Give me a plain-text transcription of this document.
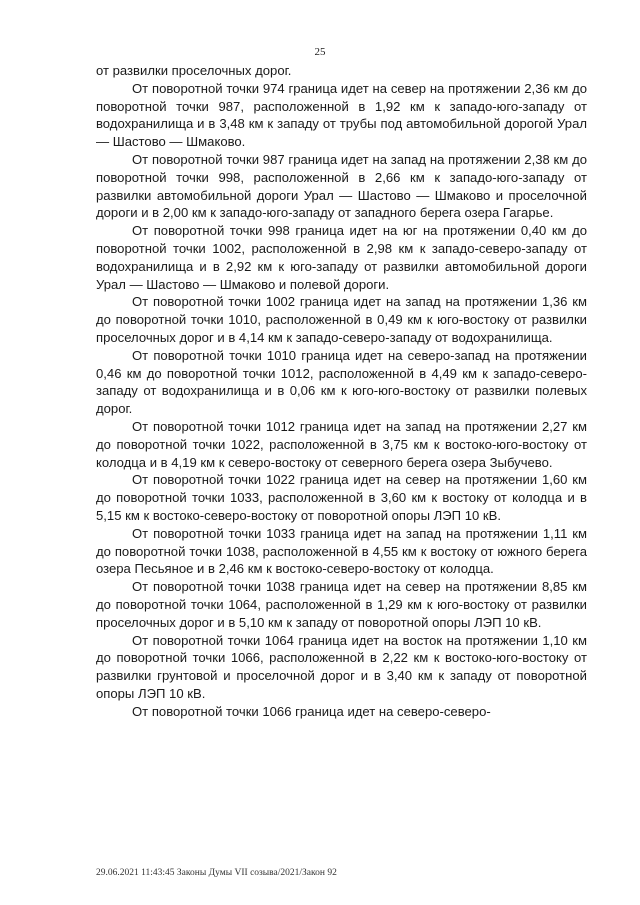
25

от развилки проселочных дорог.

От поворотной точки 974 граница идет на север на протяжении 2,36 км до поворотной точки 987, расположенной в 1,92 км к западо-юго-западу от водохранилища и в 3,48 км к западу от трубы под автомобильной дорогой Урал — Шастово — Шмаково.

От поворотной точки 987 граница идет на запад на протяжении 2,38 км до поворотной точки 998, расположенной в 2,66 км к западо-юго-западу от развилки автомобильной дороги Урал — Шастово — Шмаково и проселочной дороги и в 2,00 км к западо-юго-западу от западного берега озера Гагарье.

От поворотной точки 998 граница идет на юг на протяжении 0,40 км до поворотной точки 1002, расположенной в 2,98 км к западо-северо-западу от водохранилища и в 2,92 км к юго-западу от развилки автомобильной дороги Урал — Шастово — Шмаково и полевой дороги.

От поворотной точки 1002 граница идет на запад на протяжении 1,36 км до поворотной точки 1010, расположенной в 0,49 км к юго-востоку от развилки проселочных дорог и в 4,14 км к западо-северо-западу от водохранилища.

От поворотной точки 1010 граница идет на северо-запад на протяжении 0,46 км до поворотной точки 1012, расположенной в 4,49 км к западо-северо-западу от водохранилища и в 0,06 км к юго-юго-востоку от развилки полевых дорог.

От поворотной точки 1012 граница идет на запад на протяжении 2,27 км до поворотной точки 1022, расположенной в 3,75 км к востоко-юго-востоку от колодца и в 4,19 км к северо-востоку от северного берега озера Зыбучево.

От поворотной точки 1022 граница идет на север на протяжении 1,60 км до поворотной точки 1033, расположенной в 3,60 км к востоку от колодца и в 5,15 км к востоко-северо-востоку от поворотной опоры ЛЭП 10 кВ.

От поворотной точки 1033 граница идет на запад на протяжении 1,11 км до поворотной точки 1038, расположенной в 4,55 км к востоку от южного берега озера Песьяное и в 2,46 км к востоко-северо-востоку от колодца.

От поворотной точки 1038 граница идет на север на протяжении 8,85 км до поворотной точки 1064, расположенной в 1,29 км к юго-востоку от развилки проселочных дорог и в 5,10 км к западу от поворотной опоры ЛЭП 10 кВ.

От поворотной точки 1064 граница идет на восток на протяжении 1,10 км до поворотной точки 1066, расположенной в 2,22 км к востоко-юго-востоку от развилки грунтовой и проселочной дорог и в 3,40 км к западу от поворотной опоры ЛЭП 10 кВ.

От поворотной точки 1066 граница идет на северо-северо-

29.06.2021 11:43:45 Законы Думы VII созыва/2021/Закон 92
